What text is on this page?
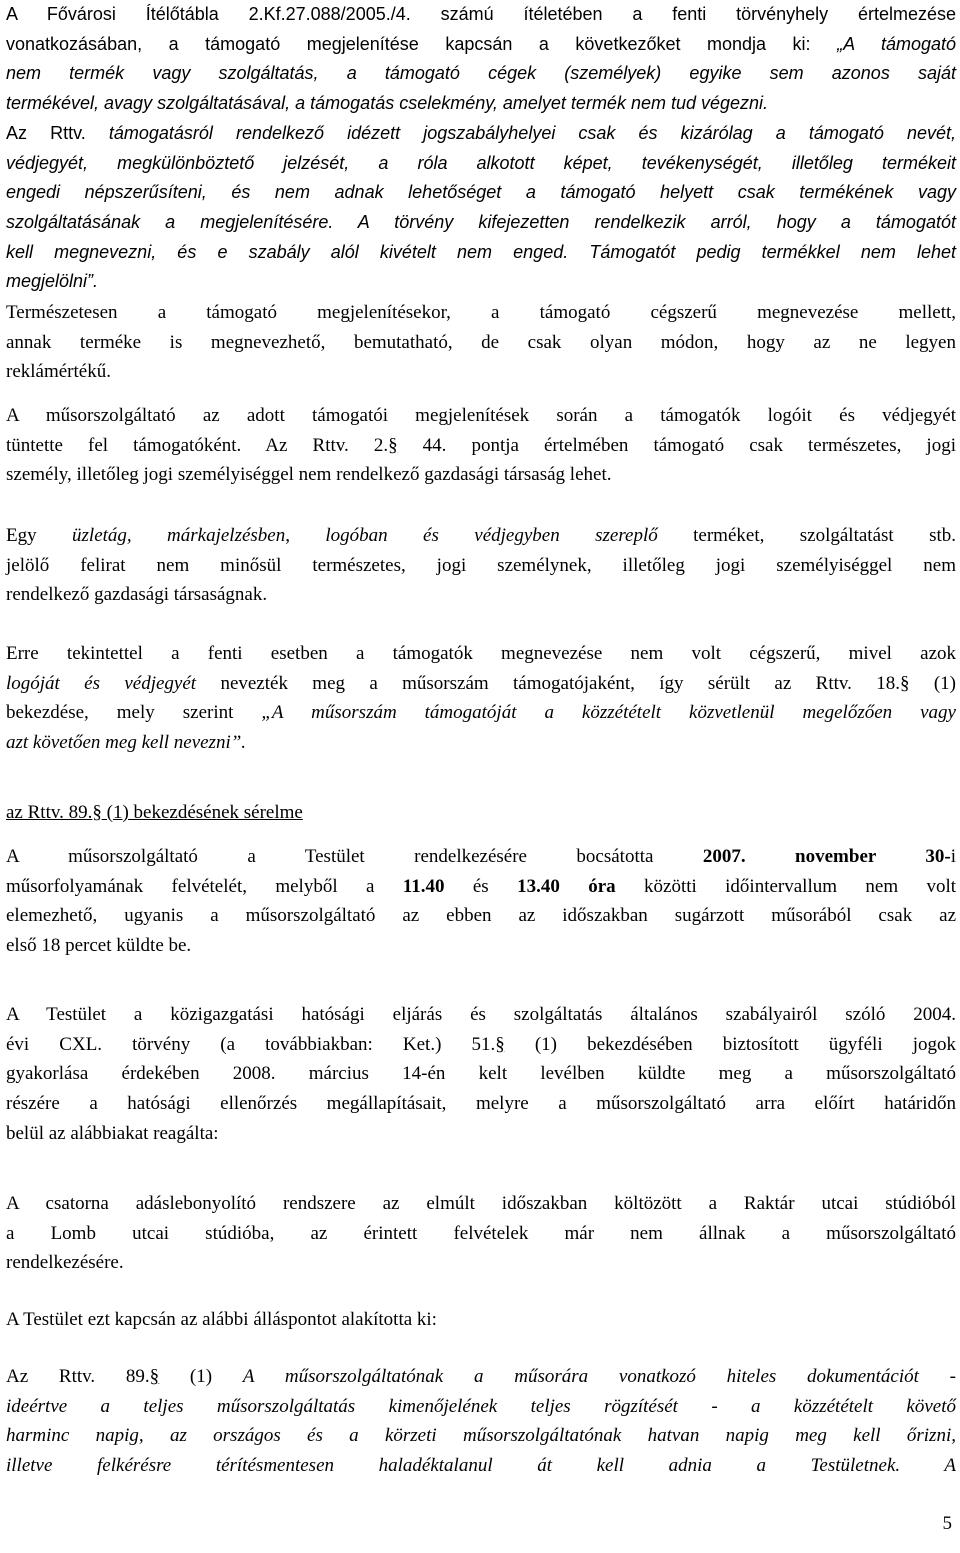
A Fővárosi Ítélőtábla 2.Kf.27.088/2005./4. számú ítéletében a fenti törvényhely értelmezése
vonatkozásában, a támogató megjelenítése kapcsán a következőket mondja ki: „A támogató
nem termék vagy szolgáltatás, a támogató cégek (személyek) egyike sem azonos saját
termékével, avagy szolgáltatásával, a támogatás cselekmény, amelyet termék nem tud végezni.
Az Rttv. támogatásról rendelkező idézett jogszabályhelyei csak és kizárólag a támogató nevét,
védjegyét, megkülönböztető jelzését, a róla alkotott képet, tevékenységét, illetőleg termékeit
engedi népszerűsíteni, és nem adnak lehetőséget a támogató helyett csak termékének vagy
szolgáltatásának a megjelenítésére. A törvény kifejezetten rendelkezik arról, hogy a támogatót
kell megnevezni, és e szabály alól kivételt nem enged. Támogatót pedig termékkel nem lehet
megjelölni”.
Természetesen a támogató megjelenítésekor, a támogató cégszerű megnevezése mellett,
annak terméke is megnevezhető, bemutatható, de csak olyan módon, hogy az ne legyen
reklámértékű.
A műsorszolgáltató az adott támogatói megjelenítések során a támogatók logóit és védjegyét
tüntette fel támogatóként. Az Rttv. 2.§ 44. pontja értelmében támogató csak természetes, jogi
személy, illetőleg jogi személyiséggel nem rendelkező gazdasági társaság lehet.
Egy üzletág, márkajelzésben, logóban és védjegyben szereplő terméket, szolgáltatást stb.
jelölő felirat nem minősül természetes, jogi személynek, illetőleg jogi személyiséggel nem
rendelkező gazdasági társaságnak.
Erre tekintettel a fenti esetben a támogatók megnevezése nem volt cégszerű, mivel azok
logóját és védjegyét nevezték meg a műsorszám támogatójaként, így sérült az Rttv. 18.§ (1)
bekezdése, mely szerint „A műsorszám támogatóját a közzétételt közvetlenül megelőzően vagy
azt követően meg kell nevezni”.
az Rttv. 89.§ (1) bekezdésének sérelme
A műsorszolgáltató a Testület rendelkezésére bocsátotta 2007. november 30-i
műsorfolyamának felvételét, melyből a 11.40 és 13.40 óra közötti időintervallum nem volt
elemezhető, ugyanis a műsorszolgáltató az ebben az időszakban sugárzott műsorából csak az
első 18 percet küldte be.
A Testület a közigazgatási hatósági eljárás és szolgáltatás általános szabályairól szóló 2004.
évi CXL. törvény (a továbbiakban: Ket.) 51.§ (1) bekezdésében biztosított ügyféli jogok
gyakorlása érdekében 2008. március 14-én kelt levélben küldte meg a műsorszolgáltató
részére a hatósági ellenőrzés megállapításait, melyre a műsorszolgáltató arra előírt határidőn
belül az alábbiakat reagálta:
A csatorna adáslebonyolító rendszere az elmúlt időszakban költözött a Raktár utcai stúdióból
a Lomb utcai stúdióba, az érintett felvételek már nem állnak a műsorszolgáltató
rendelkezésére.
A Testület ezt kapcsán az alábbi álláspontot alakította ki:
Az Rttv. 89.§ (1) A műsorszolgáltatónak a műsorára vonatkozó hiteles dokumentációt -
ideértve a teljes műsorszolgáltatás kimenőjelének teljes rögzítését - a közzétételt követő
harminc napig, az országos és a körzeti műsorszolgáltatónak hatvan napig meg kell őrizni,
illetve felkérésre térítésmentesen haladéktalanul át kell adnia a Testületnek. A
5
